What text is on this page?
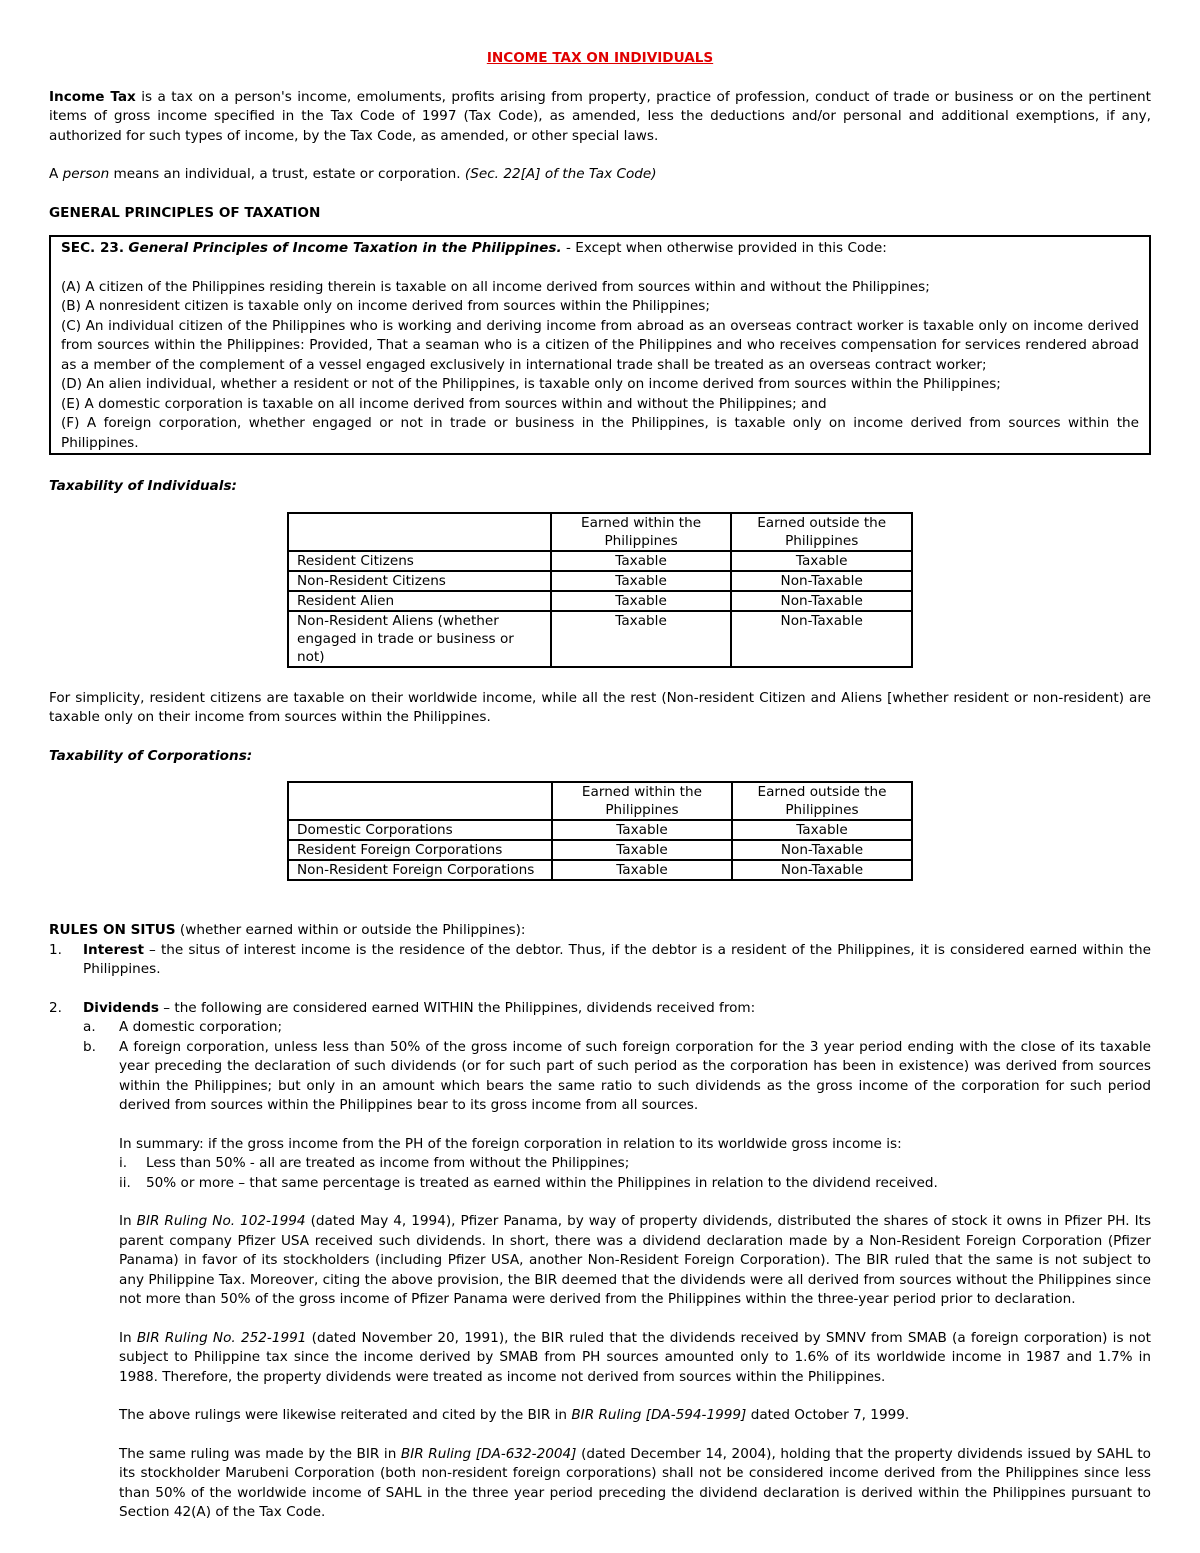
INCOME TAX ON INDIVIDUALS

Income Tax is a tax on a person's income, emoluments, profits arising from property, practice of profession, conduct of trade or business or on the pertinent items of gross income specified in the Tax Code of 1997 (Tax Code), as amended, less the deductions and/or personal and additional exemptions, if any, authorized for such types of income, by the Tax Code, as amended, or other special laws.

A person means an individual, a trust, estate or corporation. (Sec. 22[A] of the Tax Code)

GENERAL PRINCIPLES OF TAXATION

SEC. 23. General Principles of Income Taxation in the Philippines. - Except when otherwise provided in this Code:

(A) A citizen of the Philippines residing therein is taxable on all income derived from sources within and without the Philippines;

(B) A nonresident citizen is taxable only on income derived from sources within the Philippines;

(C) An individual citizen of the Philippines who is working and deriving income from abroad as an overseas contract worker is taxable only on income derived from sources within the Philippines: Provided, That a seaman who is a citizen of the Philippines and who receives compensation for services rendered abroad as a member of the complement of a vessel engaged exclusively in international trade shall be treated as an overseas contract worker;

(D) An alien individual, whether a resident or not of the Philippines, is taxable only on income derived from sources within the Philippines;

(E) A domestic corporation is taxable on all income derived from sources within and without the Philippines; and

(F) A foreign corporation, whether engaged or not in trade or business in the Philippines, is taxable only on income derived from sources within the Philippines.

Taxability of Individuals:

	Earned within the Philippines	Earned outside the Philippines
Resident Citizens	Taxable	Taxable
Non-Resident Citizens	Taxable	Non-Taxable
Resident Alien	Taxable	Non-Taxable
Non-Resident Aliens (whether engaged in trade or business or not)	Taxable	Non-Taxable

For simplicity, resident citizens are taxable on their worldwide income, while all the rest (Non-resident Citizen and Aliens [whether resident or non-resident) are taxable only on their income from sources within the Philippines.

Taxability of Corporations:

	Earned within the Philippines	Earned outside the Philippines
Domestic Corporations	Taxable	Taxable
Resident Foreign Corporations	Taxable	Non-Taxable
Non-Resident Foreign Corporations	Taxable	Non-Taxable

RULES ON SITUS (whether earned within or outside the Philippines):

1.	Interest – the situs of interest income is the residence of the debtor. Thus, if the debtor is a resident of the Philippines, it is considered earned within the Philippines.

2.	Dividends – the following are considered earned WITHIN the Philippines, dividends received from:

a.	A domestic corporation;

b.	A foreign corporation, unless less than 50% of the gross income of such foreign corporation for the 3 year period ending with the close of its taxable year preceding the declaration of such dividends (or for such part of such period as the corporation has been in existence) was derived from sources within the Philippines; but only in an amount which bears the same ratio to such dividends as the gross income of the corporation for such period derived from sources within the Philippines bear to its gross income from all sources.

In summary: if the gross income from the PH of the foreign corporation in relation to its worldwide gross income is:

i.	Less than 50% - all are treated as income from without the Philippines;

ii.	50% or more – that same percentage is treated as earned within the Philippines in relation to the dividend received.

In BIR Ruling No. 102-1994 (dated May 4, 1994), Pfizer Panama, by way of property dividends, distributed the shares of stock it owns in Pfizer PH. Its parent company Pfizer USA received such dividends. In short, there was a dividend declaration made by a Non-Resident Foreign Corporation (Pfizer Panama) in favor of its stockholders (including Pfizer USA, another Non-Resident Foreign Corporation). The BIR ruled that the same is not subject to any Philippine Tax. Moreover, citing the above provision, the BIR deemed that the dividends were all derived from sources without the Philippines since not more than 50% of the gross income of Pfizer Panama were derived from the Philippines within the three-year period prior to declaration.

In BIR Ruling No. 252-1991 (dated November 20, 1991), the BIR ruled that the dividends received by SMNV from SMAB (a foreign corporation) is not subject to Philippine tax since the income derived by SMAB from PH sources amounted only to 1.6% of its worldwide income in 1987 and 1.7% in 1988. Therefore, the property dividends were treated as income not derived from sources within the Philippines.

The above rulings were likewise reiterated and cited by the BIR in BIR Ruling [DA-594-1999] dated October 7, 1999.

The same ruling was made by the BIR in BIR Ruling [DA-632-2004] (dated December 14, 2004), holding that the property dividends issued by SAHL to its stockholder Marubeni Corporation (both non-resident foreign corporations) shall not be considered income derived from the Philippines since less than 50% of the worldwide income of SAHL in the three year period preceding the dividend declaration is derived within the Philippines pursuant to Section 42(A) of the Tax Code.
